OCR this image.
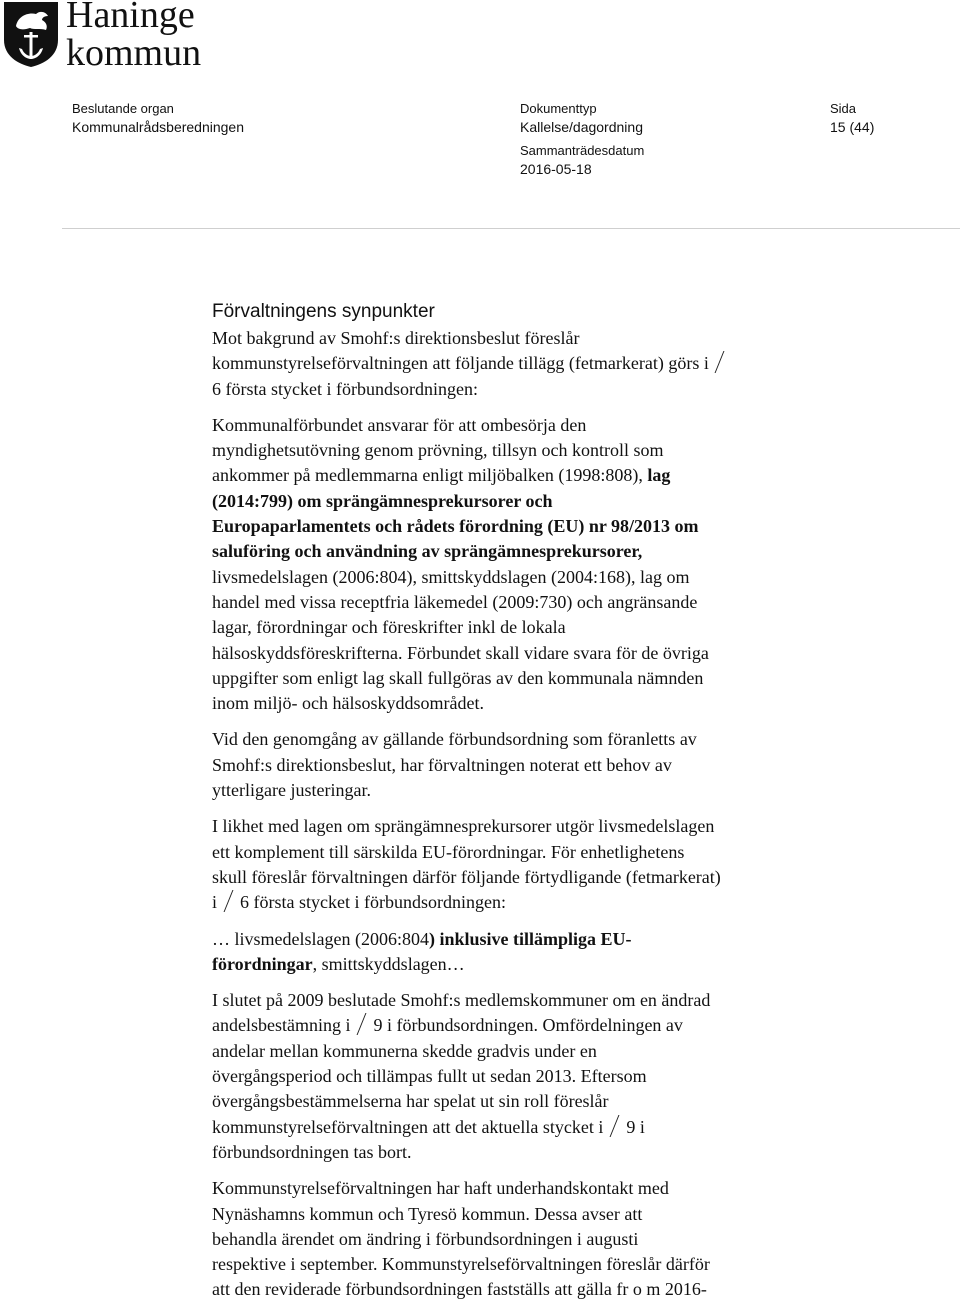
Haninge
kommun
Beslutande organ
Kommunalrådsberedningen
Dokumenttyp
Kallelse/dagordning
Sammanträdesdatum
2016-05-18
Sida
15 (44)
Förvaltningens synpunkter
Mot bakgrund av Smohf:s direktionsbeslut föreslår
kommunstyrelseförvaltningen att följande tillägg (fetmarkerat) görs i
6 första stycket i förbundsordningen:
Kommunalförbundet ansvarar för att ombesörja den
myndighetsutövning genom prövning, tillsyn och kontroll som
ankommer på medlemmarna enligt miljöbalken (1998:808), lag
(2014:799) om sprängämnesprekursorer och
Europaparlamentets och rådets förordning (EU) nr 98/2013 om
saluföring och användning av sprängämnesprekursorer,
livsmedelslagen (2006:804), smittskyddslagen (2004:168), lag om
handel med vissa receptfria läkemedel (2009:730) och angränsande
lagar, förordningar och föreskrifter inkl de lokala
hälsoskyddsföreskrifterna. Förbundet skall vidare svara för de övriga
uppgifter som enligt lag skall fullgöras av den kommunala nämnden
inom miljö- och hälsoskyddsområdet.
Vid den genomgång av gällande förbundsordning som föranletts av
Smohf:s direktionsbeslut, har förvaltningen noterat ett behov av
ytterligare justeringar.
I likhet med lagen om sprängämnesprekursorer utgör livsmedelslagen
ett komplement till särskilda EU-förordningar. För enhetlighetens
skull föreslår förvaltningen därför följande förtydligande (fetmarkerat)
i 6 första stycket i förbundsordningen:
… livsmedelslagen (2006:804) inklusive tillämpliga EU-
förordningar, smittskyddslagen…
I slutet på 2009 beslutade Smohf:s medlemskommuner om en ändrad
andelsbestämning i 9 i förbundsordningen. Omfördelningen av
andelar mellan kommunerna skedde gradvis under en
övergångsperiod och tillämpas fullt ut sedan 2013. Eftersom
övergångsbestämmelserna har spelat ut sin roll föreslår
kommunstyrelseförvaltningen att det aktuella stycket i 9 i
förbundsordningen tas bort.
Kommunstyrelseförvaltningen har haft underhandskontakt med
Nynäshamns kommun och Tyresö kommun. Dessa avser att
behandla ärendet om ändring i förbundsordningen i augusti
respektive i september. Kommunstyrelseförvaltningen föreslår därför
att den reviderade förbundsordningen fastställs att gälla fr o m 2016-
